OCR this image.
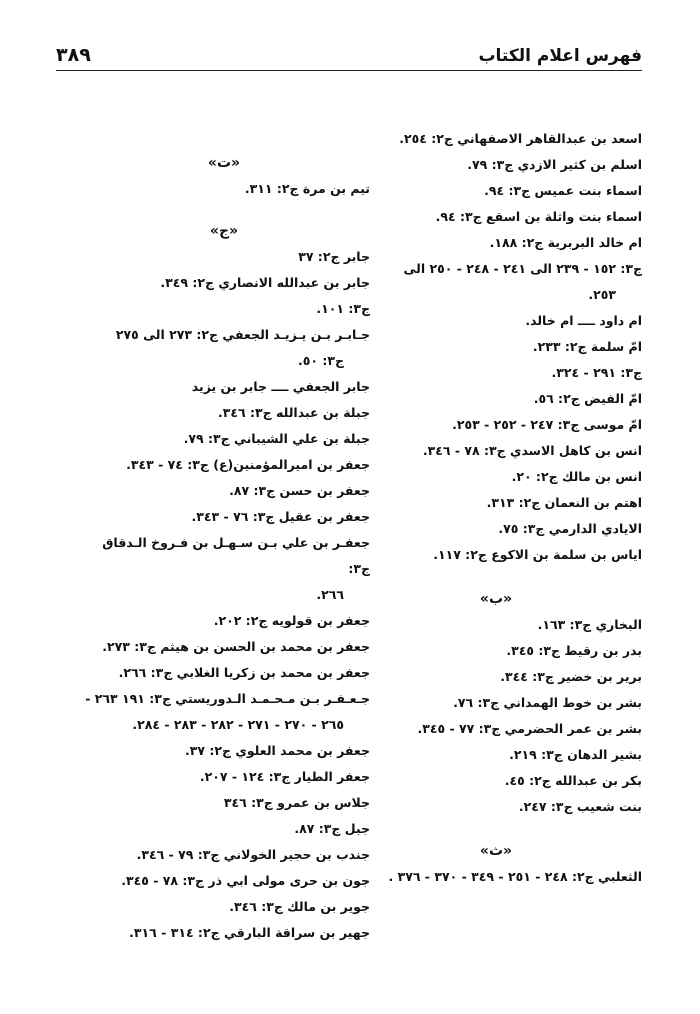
فهرس اعلام الكتاب
٣٨٩
اسعد بن عبدالقاهر الاصفهاني ج٢: ٢٥٤.
اسلم بن كثير الازدي ج٣: ٧٩.
اسماء بنت عميس ج٣: ٩٤.
اسماء بنت واثلة بن اسقع ج٣: ٩٤.
ام خالد البربرية ج٢: ١٨٨.
ج٣: ١٥٢ - ٢٣٩ الى ٢٤١ - ٢٤٨ - ٢٥٠ الى
٢٥٣.
ام داود ــــ ام خالد.
امّ سلمة ج٢: ٢٣٣.
ج٣: ٢٩١ - ٣٢٤.
امّ الفيض ج٢: ٥٦.
امّ موسى ج٣: ٢٤٧ - ٢٥٢ - ٢٥٣.
انس بن كاهل الاسدي ج٣: ٧٨ - ٣٤٦.
انس بن مالك ج٢: ٢٠.
اهتم بن النعمان ج٢: ٣١٣.
الايادي الدارمي ج٣: ٧٥.
اياس بن سلمة بن الاكوع ج٢: ١١٧.
«ب»
البخاري ج٣: ١٦٣.
بدر بن رقيط ج٣: ٣٤٥.
برير بن خضير ج٣: ٣٤٤.
بشر بن خوط الهمداني ج٣: ٧٦.
بشر بن عمر الحضرمي ج٣: ٧٧ - ٣٤٥.
بشير الدهان ج٣: ٢١٩.
بكر بن عبدالله ج٢: ٤٥.
بنت شعيب ج٣: ٢٤٧.
«ث»
الثعلبي ج٢: ٢٤٨ - ٢٥١ - ٣٤٩ - ٣٧٠ - ٣٧٦ .
«ت»
تيم بن مرة ج٢: ٣١١.
«ج»
جابر ج٢: ٣٧
جابر بن عبدالله الانصاري ج٢: ٣٤٩.
ج٣: ١٠١.
جـابـر بـن يـزيـد الجعفي ج٢: ٢٧٣ الى ٢٧٥
ج٣: ٥٠.
جابر الجعفي ــــ جابر بن يزيد
جبلة بن عبدالله ج٣: ٣٤٦.
جبلة بن علي الشيباني ج٣: ٧٩.
جعفر بن اميرالمؤمنين(ع) ج٣: ٧٤ - ٣٤٣.
جعفر بن حسن ج٣: ٨٧.
جعفر بن عقيل ج٣: ٧٦ - ٣٤٣.
جعفـر بن علي بـن سـهـل بن فـروخ الـدقاق ج٣:
٢٦٦.
جعفر بن قولويه ج٢: ٢٠٢.
جعفر بن محمد بن الحسن بن هيثم ج٣: ٢٧٣.
جعفر بن محمد بن زكريا الغلابي ج٣: ٢٦٦.
جـعـفـر بـن مـحـمـد الـدوريستي ج٣: ١٩١ ٢٦٣ -
٢٦٥ - ٢٧٠ - ٢٧١ - ٢٨٢ - ٢٨٣ - ٢٨٤.
جعفر بن محمد العلوي ج٢: ٣٧.
جعفر الطيار ج٣: ١٢٤ - ٢٠٧.
جلاس بن عمرو ج٣: ٣٤٦
جبل ج٣: ٨٧.
جندب بن حجير الخولاني ج٣: ٧٩ - ٣٤٦.
جون بن حرى مولى ابي ذر ج٣: ٧٨ - ٣٤٥.
جوير بن مالك ج٣: ٣٤٦.
جهير بن سراقة البارقي ج٢: ٣١٤ - ٣١٦.
